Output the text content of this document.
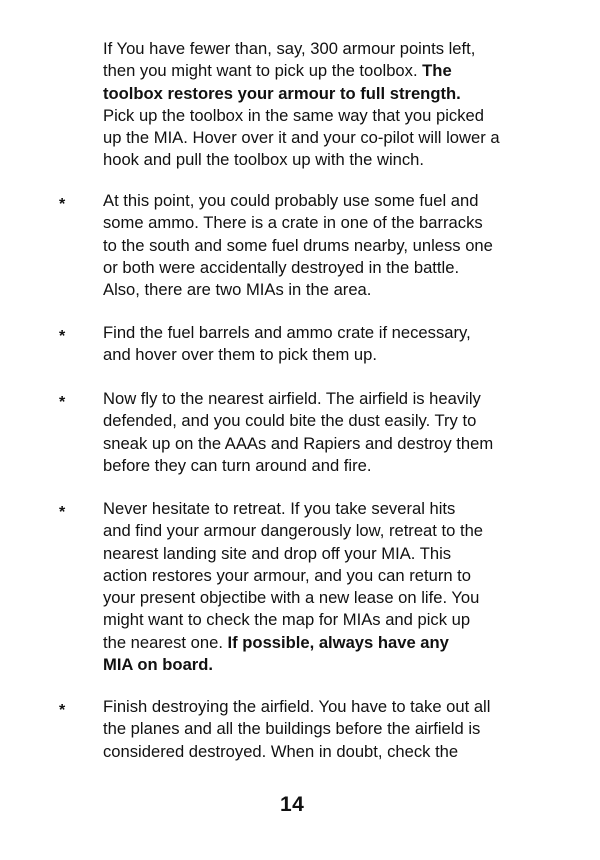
If You have fewer than, say, 300 armour points left,
then you might want to pick up the toolbox. The
toolbox restores your armour to full strength.
Pick up the toolbox in the same way that you picked
up the MIA. Hover over it and your co-pilot will lower a
hook and pull the toolbox up with the winch.
* At this point, you could probably use some fuel and
some ammo. There is a crate in one of the barracks
to the south and some fuel drums nearby, unless one
or both were accidentally destroyed in the battle.
Also, there are two MIAs in the area.
* Find the fuel barrels and ammo crate if necessary,
and hover over them to pick them up.
* Now fly to the nearest airfield. The airfield is heavily
defended, and you could bite the dust easily. Try to
sneak up on the AAAs and Rapiers and destroy them
before they can turn around and fire.
* Never hesitate to retreat. If you take several hits
and find your armour dangerously low, retreat to the
nearest landing site and drop off your MIA. This
action restores your armour, and you can return to
your present objectibe with a new lease on life. You
might want to check the map for MIAs and pick up
the nearest one. If possible, always have any
MIA on board.
* Finish destroying the airfield. You have to take out all
the planes and all the buildings before the airfield is
considered destroyed. When in doubt, check the
14
